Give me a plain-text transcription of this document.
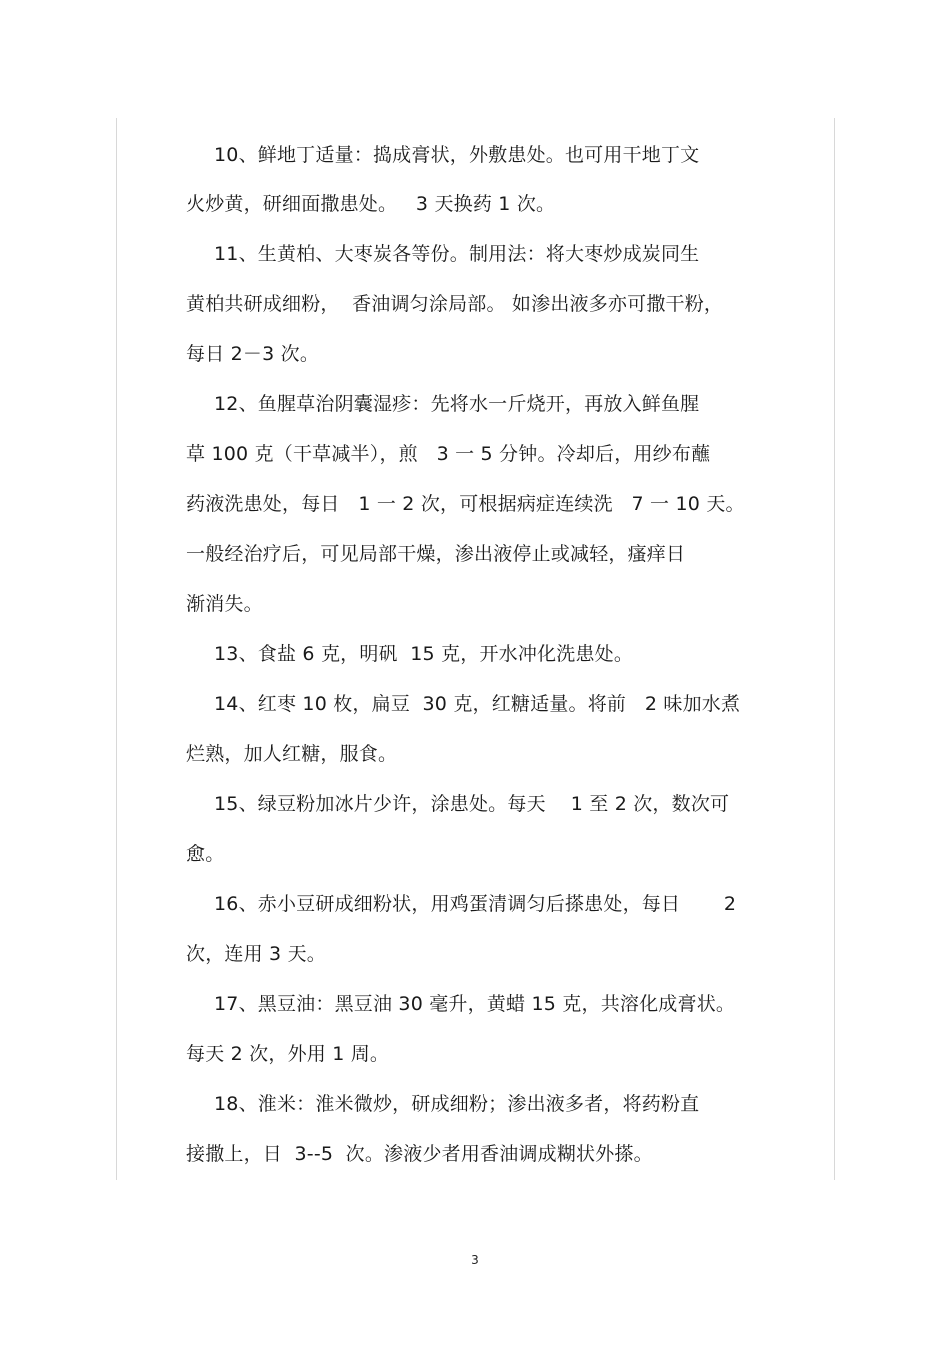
10、鲜地丁适量：捣成膏状，外敷患处。也可用干地丁文
火炒黄，研细面撒患处。   3 天换药 1 次。
11、生黄柏、大枣炭各等份。制用法：将大枣炒成炭同生
黄柏共研成细粉，  香油调匀涂局部。 如渗出液多亦可撒干粉，
每日 2－3 次。
12、鱼腥草治阴囊湿疹：先将水一斤烧开，再放入鲜鱼腥
草 100 克（干草减半），煎   3 一 5 分钟。冷却后，用纱布蘸
药液洗患处，每日   1 一 2 次，可根据病症连续洗   7 一 10 天。
一般经治疗后，可见局部干燥，渗出液停止或减轻，瘙痒日
渐消失。
13、食盐 6 克，明矾  15 克，开水冲化洗患处。
14、红枣 10 枚，扁豆  30 克，红糖适量。将前   2 味加水煮
烂熟，加人红糖，服食。
15、绿豆粉加冰片少许，涂患处。每天    1 至 2 次，数次可
愈。
16、赤小豆研成细粉状，用鸡蛋清调匀后搽患处，每日       2
次，连用 3 天。
17、黑豆油：黑豆油 30 毫升，黄蜡 15 克，共溶化成膏状。
每天 2 次，外用 1 周。
18、淮米：淮米微炒，研成细粉；渗出液多者，将药粉直
接撒上，日  3--5  次。渗液少者用香油调成糊状外搽。
3
